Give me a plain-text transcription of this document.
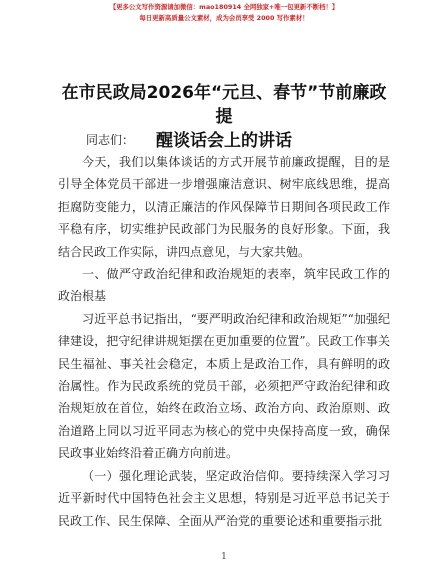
【更多公文写作资源请加微信：mao180914 全网独家+唯一包更新不断档！】
每日更新高质量公文素材，成为会员享受 2000 写作素材！
在市民政局2026年“元旦、春节”节前廉政提
醒谈话会上的讲话
同志们：

今天，我们以集体谈话的方式开展节前廉政提醒，目的是引导全体党员干部进一步增强廉洁意识、树牢底线思维，提高拒腐防变能力，以清正廉洁的作风保障节日期间各项民政工作平稳有序，切实维护民政部门为民服务的良好形象。下面，我结合民政工作实际，讲四点意见，与大家共勉。

一、做严守政治纪律和政治规矩的表率，筑牢民政工作的政治根基

习近平总书记指出，“要严明政治纪律和政治规矩”“加强纪律建设，把守纪律讲规矩摆在更加重要的位置”。民政工作事关民生福祉、事关社会稳定，本质上是政治工作，具有鲜明的政治属性。作为民政系统的党员干部，必须把严守政治纪律和政治规矩放在首位，始终在政治立场、政治方向、政治原则、政治道路上同以习近平同志为核心的党中央保持高度一致，确保民政事业始终沿着正确方向前进。

（一）强化理论武装，坚定政治信仰。要持续深入学习习近平新时代中国特色社会主义思想，特别是习近平总书记关于民政工作、民生保障、全面从严治党的重要论述和重要指示批

1
